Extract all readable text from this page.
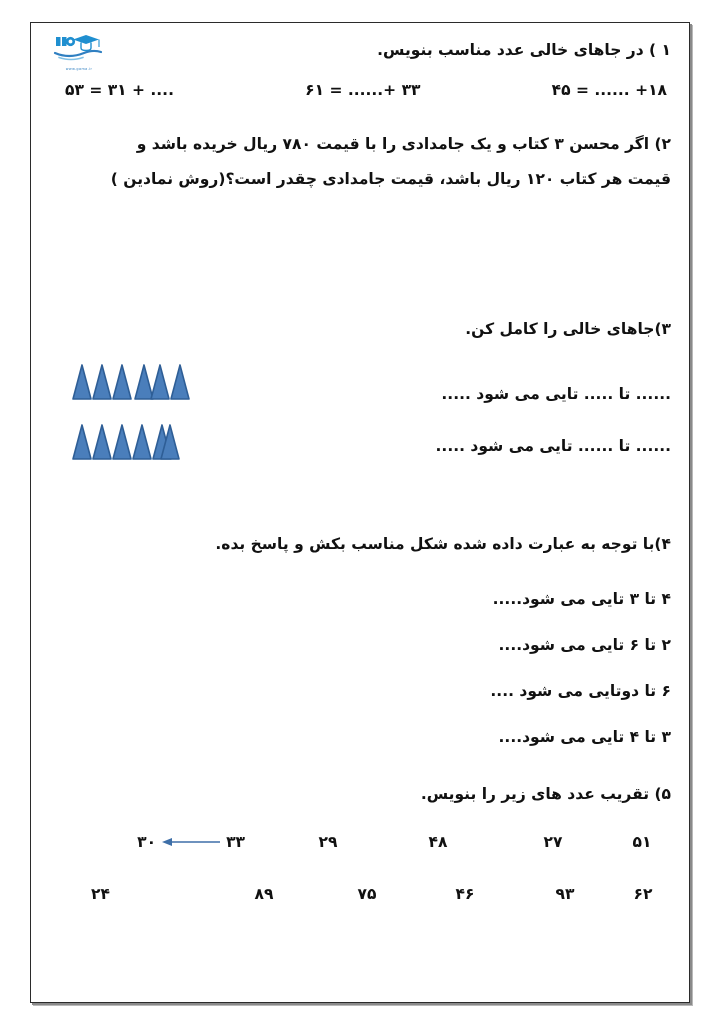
www.gama.ir
۱ ) در جاهای خالی عدد مناسب بنویس.
۱۸+ ...... = ۴۵
۳۳ +...... = ۶۱
.... + ۳۱ = ۵۳
۲) اگر محسن ۳ کتاب و یک جامدادی را با قیمت ۷۸۰ ریال خریده باشد و
قیمت هر کتاب ۱۲۰ ریال باشد، قیمت جامدادی چقدر است؟(روش نمادین )
۳)جاهای خالی را کامل کن.
...... تا ..... تایی می شود .....
...... تا ...... تایی می شود .....
۴)با توجه به عبارت داده شده شکل مناسب بکش و پاسخ بده.
۴ تا ۳ تایی می شود.....
۲ تا ۶ تایی می شود....
۶ تا دوتایی می شود ....
۳ تا ۴ تایی می شود....
۵) تقریب عدد های زیر را بنویس.
۵۱
۲۷
۴۸
۲۹
۳۳
۳۰
۶۲
۹۳
۴۶
۷۵
۸۹
۲۴
